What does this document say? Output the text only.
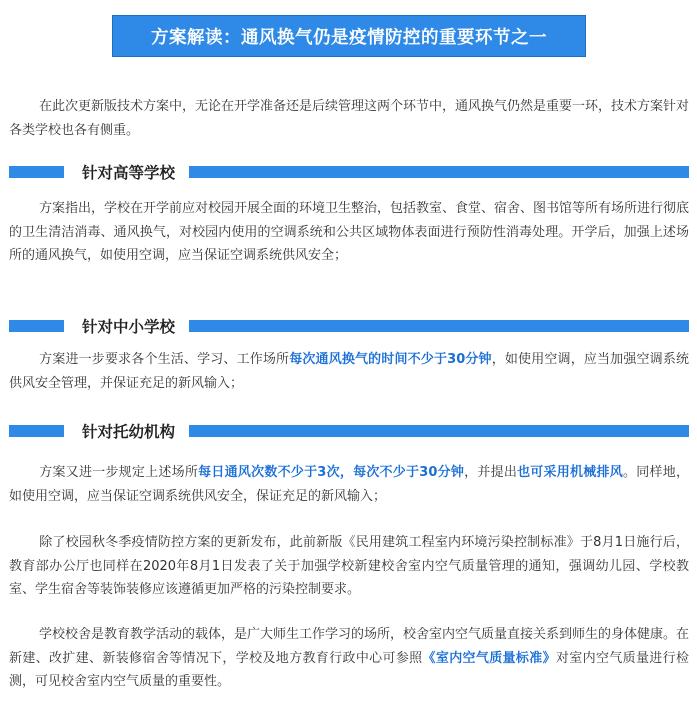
方案解读：通风换气仍是疫情防控的重要环节之一

在此次更新版技术方案中，无论在开学准备还是后续管理这两个环节中，通风换气仍然是重要一环，技术方案针对各类学校也各有侧重。

针对高等学校

方案指出，学校在开学前应对校园开展全面的环境卫生整治，包括教室、食堂、宿舍、图书馆等所有场所进行彻底的卫生清洁消毒、通风换气，对校园内使用的空调系统和公共区域物体表面进行预防性消毒处理。开学后，加强上述场所的通风换气，如使用空调，应当保证空调系统供风安全；

针对中小学校

方案进一步要求各个生活、学习、工作场所每次通风换气的时间不少于30分钟，如使用空调，应当加强空调系统供风安全管理，并保证充足的新风输入；

针对托幼机构

方案又进一步规定上述场所每日通风次数不少于3次，每次不少于30分钟，并提出也可采用机械排风。同样地，如使用空调，应当保证空调系统供风安全，保证充足的新风输入；

除了校园秋冬季疫情防控方案的更新发布，此前新版《民用建筑工程室内环境污染控制标准》于8月1日施行后，教育部办公厅也同样在2020年8月1日发表了关于加强学校新建校舍室内空气质量管理的通知，强调幼儿园、学校教室、学生宿舍等装饰装修应该遵循更加严格的污染控制要求。

学校校舍是教育教学活动的载体，是广大师生工作学习的场所，校舍室内空气质量直接关系到师生的身体健康。在新建、改扩建、新装修宿舍等情况下，学校及地方教育行政中心可参照《室内空气质量标准》对室内空气质量进行检测，可见校舍室内空气质量的重要性。
